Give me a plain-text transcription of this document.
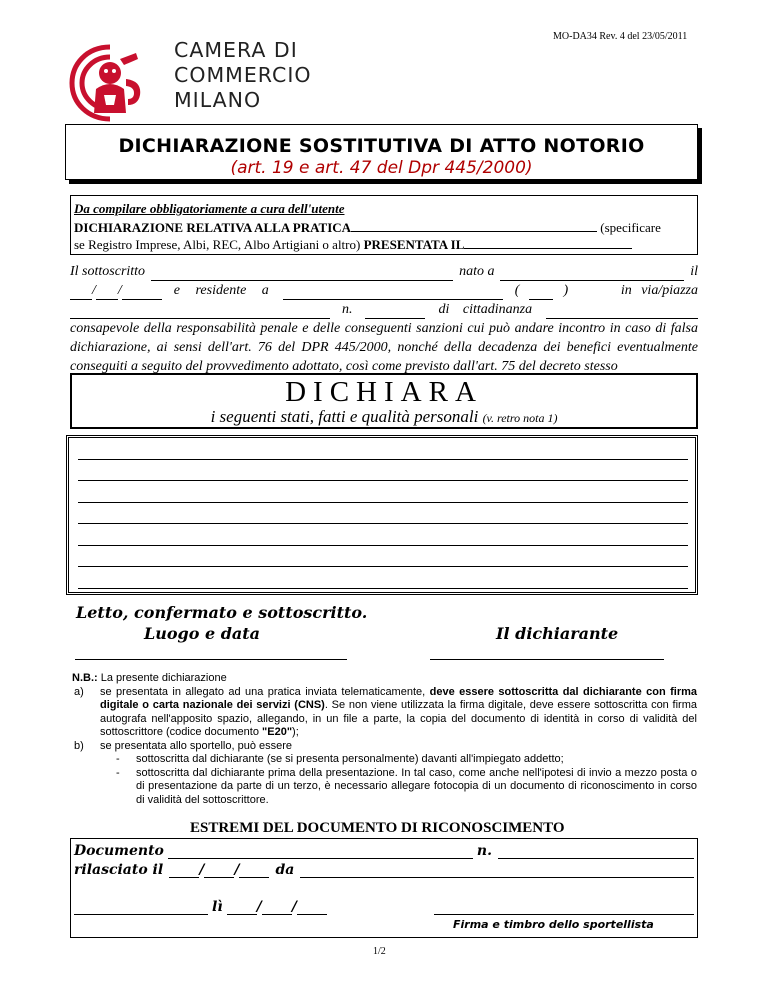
MO-DA34 Rev. 4 del 23/05/2011
CAMERA DI
COMMERCIO
MILANO
DICHIARAZIONE SOSTITUTIVA DI ATTO NOTORIO
(art. 19 e art. 47 del Dpr 445/2000)
Da compilare obbligatoriamente a cura dell'utente
DICHIARAZIONE RELATIVA ALLA PRATICA	(specificare
se Registro Imprese, Albi, REC, Albo Artigiani o altro) PRESENTATA IL
Il sottoscritto	nato a	il
/ /	e residente a	(	)	in via/piazza
n.	di cittadinanza
consapevole della responsabilità penale e delle conseguenti sanzioni cui può andare incontro in caso di falsa dichiarazione, ai sensi dell'art. 76 del DPR 445/2000, nonché della decadenza dei benefici eventualmente conseguiti a seguito del provvedimento adottato, così come previsto dall'art. 75 del decreto stesso
DICHIARA
i seguenti stati, fatti e qualità personali (v. retro nota 1)
Letto, confermato e sottoscritto.
Luogo e data	Il dichiarante
N.B.: La presente dichiarazione
a) se presentata in allegato ad una pratica inviata telematicamente, deve essere sottoscritta dal dichiarante con firma digitale o carta nazionale dei servizi (CNS). Se non viene utilizzata la firma digitale, deve essere sottoscritta con firma autografa nell'apposito spazio, allegando, in un file a parte, la copia del documento di identità in corso di validità del sottoscrittore (codice documento "E20");
b) se presentata allo sportello, può essere
- sottoscritta dal dichiarante (se si presenta personalmente) davanti all'impiegato addetto;
- sottoscritta dal dichiarante prima della presentazione. In tal caso, come anche nell'ipotesi di invio a mezzo posta o di presentazione da parte di un terzo, è necessario allegare fotocopia di un documento di riconoscimento in corso di validità del sottoscrittore.
ESTREMI DEL DOCUMENTO DI RICONOSCIMENTO
Documento	n.
rilasciato il	/ /	da
lì / /
Firma e timbro dello sportellista
1/2
